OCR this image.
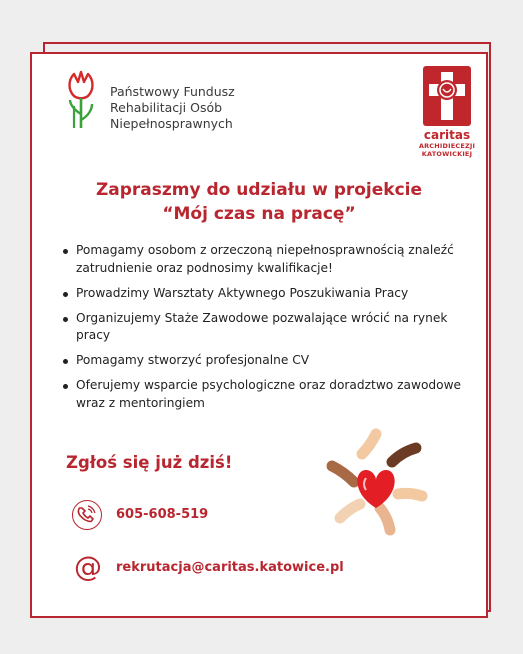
Państwowy Fundusz
Rehabilitacji Osób
Niepełnosprawnych
caritas
ARCHIDIECEZJI
KATOWICKIEJ
Zapraszmy do udziału w projekcie
“Mój czas na pracę”
Pomagamy osobom z orzeczoną niepełnosprawnością znaleźć zatrudnienie oraz podnosimy kwalifikacje!
Prowadzimy Warsztaty Aktywnego Poszukiwania Pracy
Organizujemy Staże Zawodowe pozwalające wrócić na rynek pracy
Pomagamy stworzyć profesjonalne CV
Oferujemy wsparcie psychologiczne oraz doradztwo zawodowe wraz z mentoringiem
Zgłoś się już dziś!
605-608-519
@ rekrutacja@caritas.katowice.pl
